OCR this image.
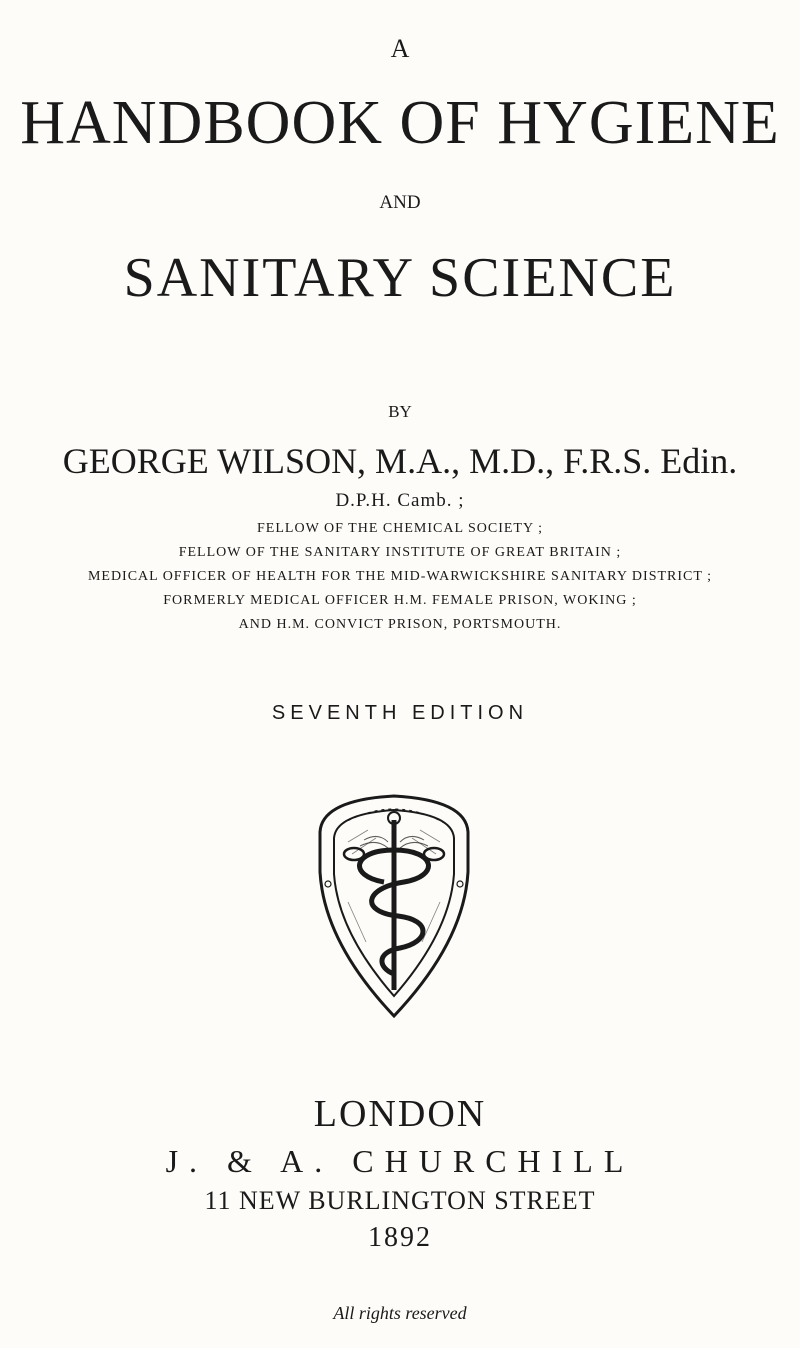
A
HANDBOOK OF HYGIENE
AND
SANITARY SCIENCE
BY
GEORGE WILSON, M.A., M.D., F.R.S. Edin.
D.P.H. Camb. ;
FELLOW OF THE CHEMICAL SOCIETY ;
FELLOW OF THE SANITARY INSTITUTE OF GREAT BRITAIN ;
MEDICAL OFFICER OF HEALTH FOR THE MID-WARWICKSHIRE SANITARY DISTRICT ;
FORMERLY MEDICAL OFFICER H.M. FEMALE PRISON, WOKING ;
AND H.M. CONVICT PRISON, PORTSMOUTH.
SEVENTH EDITION
LONDON
J. & A. CHURCHILL
11 NEW BURLINGTON STREET
1892
All rights reserved
